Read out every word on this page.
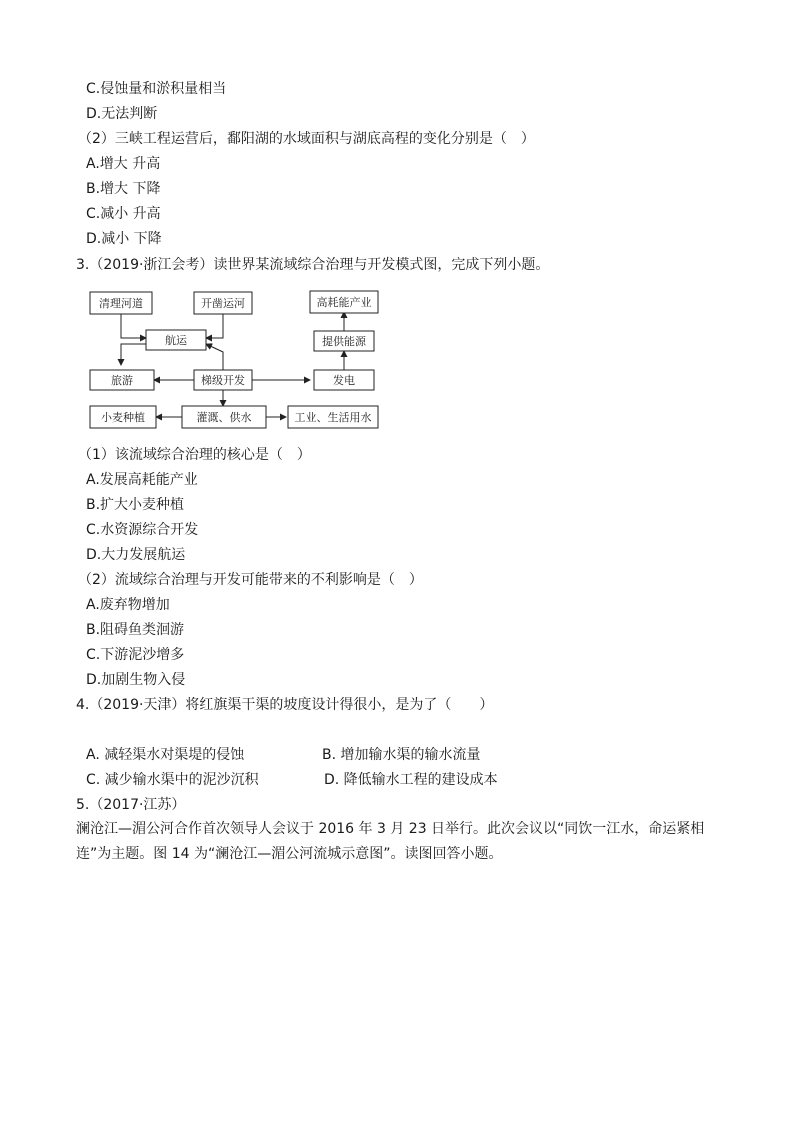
C.侵蚀量和淤积量相当
D.无法判断
（2）三峡工程运营后，鄱阳湖的水域面积与湖底高程的变化分别是（　）
A.增大 升高
B.增大 下降
C.减小 升高
D.减小 下降
3.（2019·浙江会考）读世界某流域综合治理与开发模式图，完成下列小题。
清理河道	开凿运河	高耗能产业
航运	提供能源
旅游	梯级开发	发电
小麦种植	灌溉、供水	工业、生活用水
（1）该流域综合治理的核心是（　）
A.发展高耗能产业
B.扩大小麦种植
C.水资源综合开发
D.大力发展航运
（2）流域综合治理与开发可能带来的不利影响是（　）
A.废弃物增加
B.阻碍鱼类洄游
C.下游泥沙增多
D.加剧生物入侵
4.（2019·天津）将红旗渠干渠的坡度设计得很小，是为了（　　）
A. 减轻渠水对渠堤的侵蚀	B. 增加输水渠的输水流量
C. 减少输水渠中的泥沙沉积	D. 降低输水工程的建设成本
5.（2017·江苏）
澜沧江—湄公河合作首次领导人会议于 2016 年 3 月 23 日举行。此次会议以“同饮一江水，命运紧相连”为主题。图 14 为“澜沧江—湄公河流城示意图”。读图回答小题。
